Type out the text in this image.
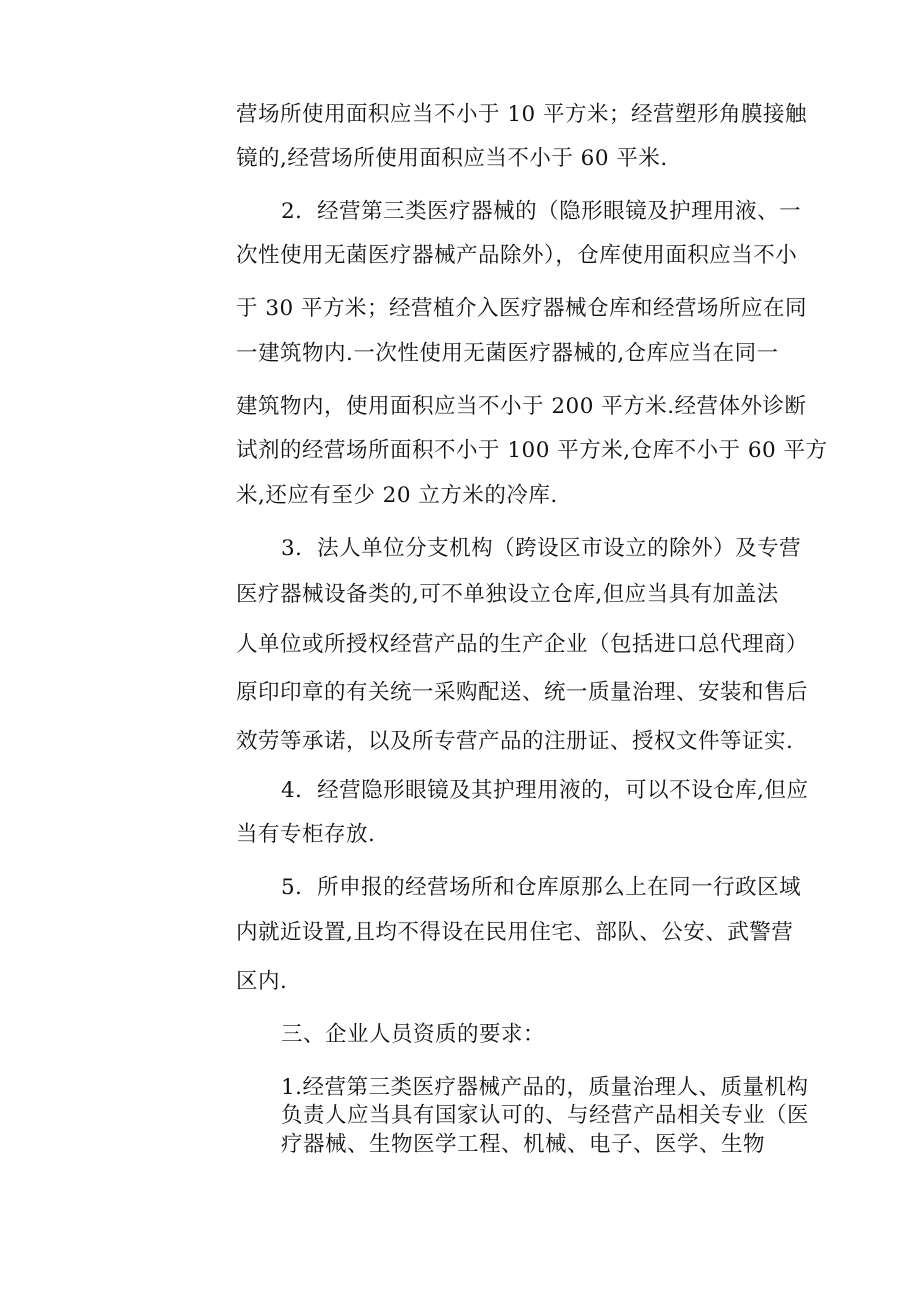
营场所使用面积应当不小于 10 平方米；经营塑形角膜接触
镜的,经营场所使用面积应当不小于 60 平米.
2．经营第三类医疗器械的（隐形眼镜及护理用液、一
次性使用无菌医疗器械产品除外），仓库使用面积应当不小
于 30 平方米；经营植介入医疗器械仓库和经营场所应在同
一建筑物内.一次性使用无菌医疗器械的,仓库应当在同一
建筑物内，使用面积应当不小于 200 平方米.经营体外诊断
试剂的经营场所面积不小于 100 平方米,仓库不小于 60 平方
米,还应有至少 20 立方米的冷库.
3．法人单位分支机构（跨设区市设立的除外）及专营
医疗器械设备类的,可不单独设立仓库,但应当具有加盖法
人单位或所授权经营产品的生产企业（包括进口总代理商）
原印印章的有关统一采购配送、统一质量治理、安装和售后
效劳等承诺，以及所专营产品的注册证、授权文件等证实.
4．经营隐形眼镜及其护理用液的，可以不设仓库,但应
当有专柜存放.
5．所申报的经营场所和仓库原那么上在同一行政区域
内就近设置,且均不得设在民用住宅、部队、公安、武警营
区内.
三、企业人员资质的要求：
1.经营第三类医疗器械产品的，质量治理人、质量机构
负责人应当具有国家认可的、与经营产品相关专业（医
疗器械、生物医学工程、机械、电子、医学、生物
